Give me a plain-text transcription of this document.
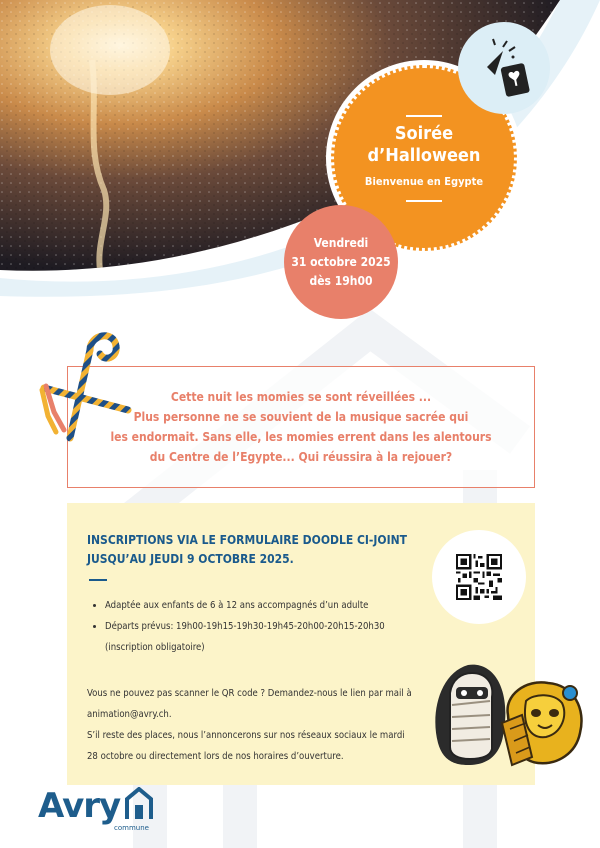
Soirée
d’Halloween
Bienvenue en Egypte
Vendredi
31 octobre 2025
dès 19h00

Cette nuit les momies se sont réveillées ...
Plus personne ne se souvient de la musique sacrée qui
les endormait. Sans elle, les momies errent dans les alentours
du Centre de l’Egypte... Qui réussira à la rejouer?

INSCRIPTIONS VIA LE FORMULAIRE DOODLE CI-JOINT
JUSQU’AU JEUDI 9 OCTOBRE 2025.
• Adaptée aux enfants de 6 à 12 ans accompagnés d’un adulte
• Départs prévus: 19h00-19h15-19h30-19h45-20h00-20h15-20h30
(inscription obligatoire)

Vous ne pouvez pas scanner le QR code ? Demandez-nous le lien par mail à

animation@avry.ch.

S’il reste des places, nous l’annoncerons sur nos réseaux sociaux le mardi

28 octobre ou directement lors de nos horaires d’ouverture.

Avry
commune
